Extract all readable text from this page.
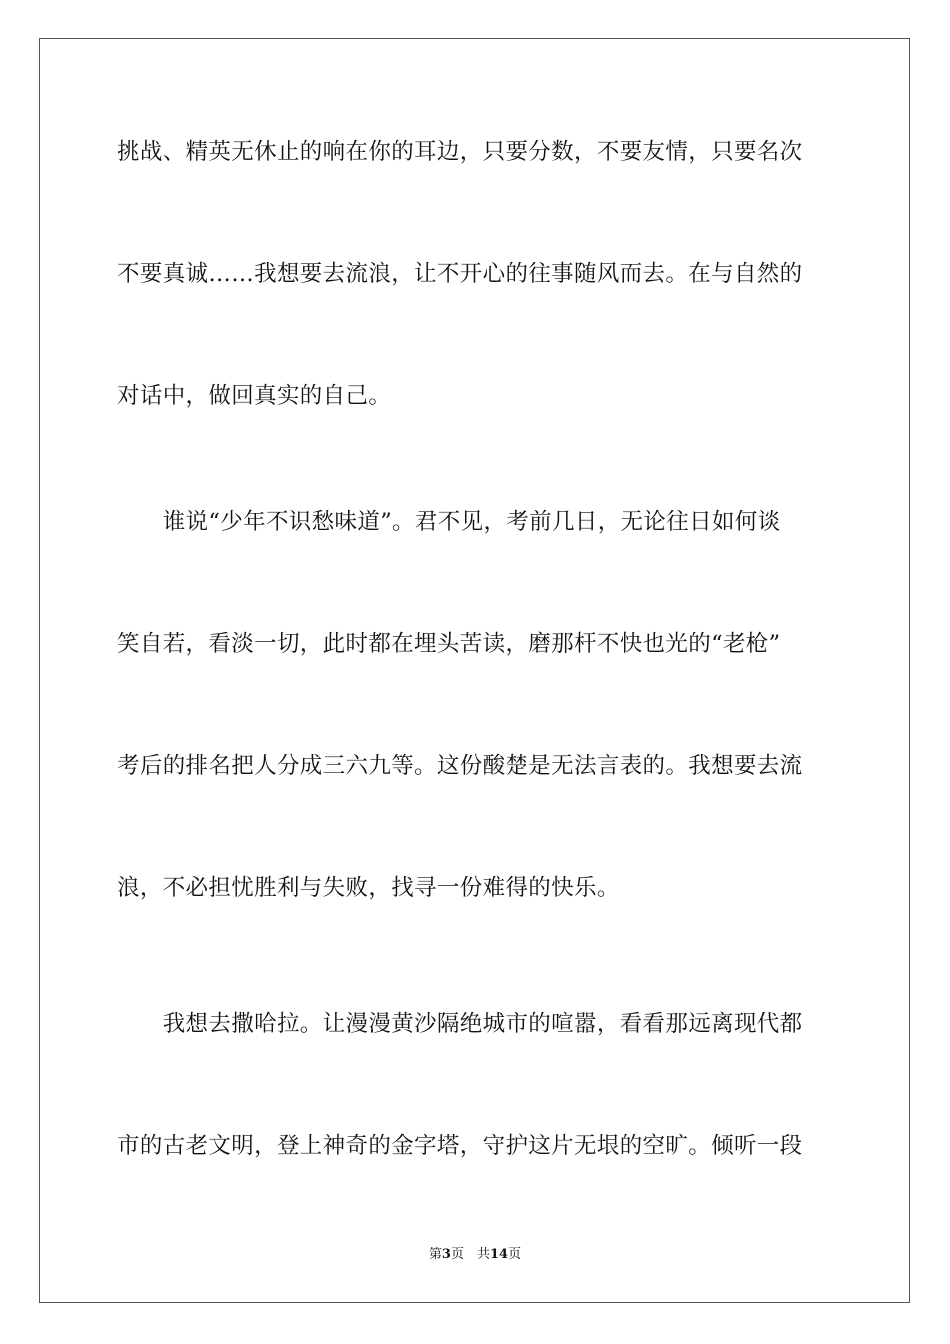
挑战、精英无休止的响在你的耳边，只要分数，不要友情，只要名次
不要真诚……我想要去流浪，让不开心的往事随风而去。在与自然的
对话中，做回真实的自己。
　　谁说“少年不识愁味道”。君不见，考前几日，无论往日如何谈
笑自若，看淡一切，此时都在埋头苦读，磨那杆不快也光的“老枪”
考后的排名把人分成三六九等。这份酸楚是无法言表的。我想要去流
浪，不必担忧胜利与失败，找寻一份难得的快乐。
　　我想去撒哈拉。让漫漫黄沙隔绝城市的喧嚣，看看那远离现代都
市的古老文明，登上神奇的金字塔，守护这片无垠的空旷。倾听一段
第3页　共14页
